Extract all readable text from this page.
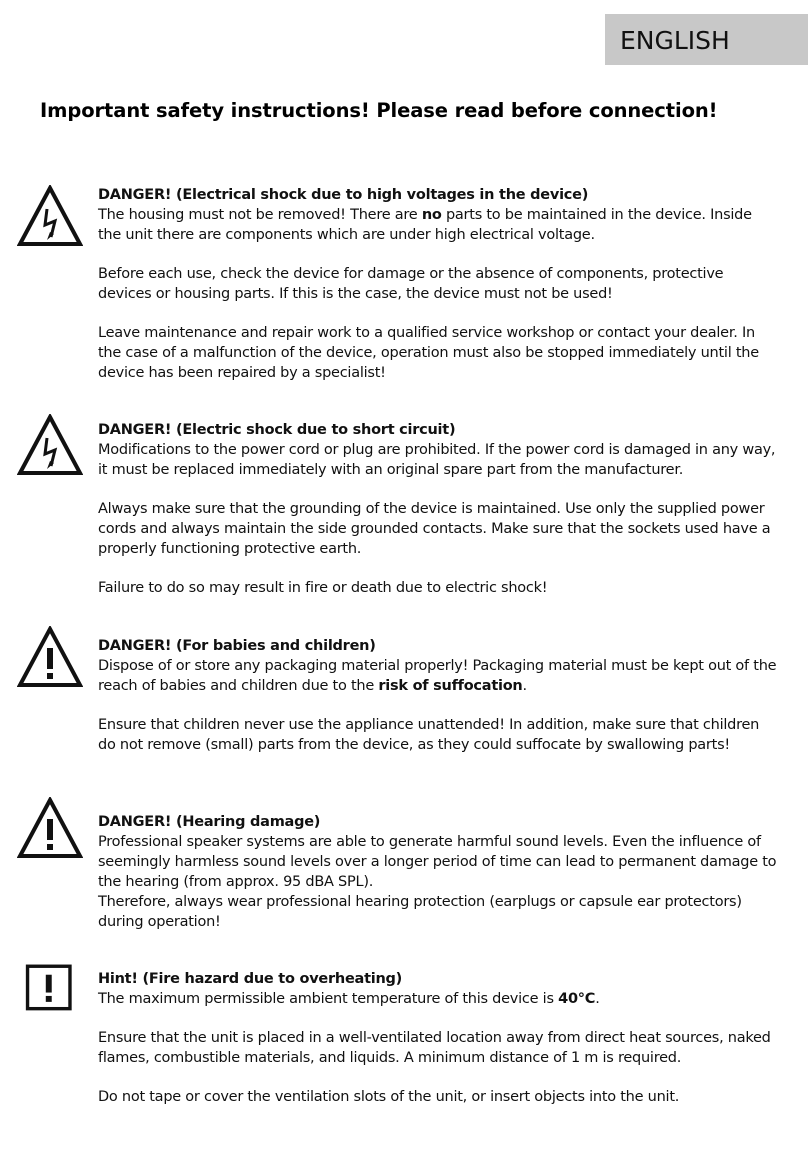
ENGLISH
Important safety instructions! Please read before connection!

DANGER! (Electrical shock due to high voltages in the device)

The housing must not be removed! There are no parts to be maintained in the device. Inside the unit there are components which are under high electrical voltage.

Before each use, check the device for damage or the absence of components, protective devices or housing parts. If this is the case, the device must not be used!

Leave maintenance and repair work to a qualified service workshop or contact your dealer. In the case of a malfunction of the device, operation must also be stopped immediately until the device has been repaired by a specialist!

DANGER! (Electric shock due to short circuit)

Modifications to the power cord or plug are prohibited. If the power cord is damaged in any way, it must be replaced immediately with an original spare part from the manufacturer.

Always make sure that the grounding of the device is maintained. Use only the supplied power cords and always maintain the side grounded contacts. Make sure that the sockets used have a properly functioning protective earth.

Failure to do so may result in fire or death due to electric shock!

DANGER! (For babies and children)

Dispose of or store any packaging material properly! Packaging material must be kept out of the reach of babies and children due to the risk of suffocation.

Ensure that children never use the appliance unattended! In addition, make sure that children do not remove (small) parts from the device, as they could suffocate by swallowing parts!

DANGER! (Hearing damage)

Professional speaker systems are able to generate harmful sound levels. Even the influence of seemingly harmless sound levels over a longer period of time can lead to permanent damage to the hearing (from approx. 95 dBA SPL).

Therefore, always wear professional hearing protection (earplugs or capsule ear protectors) during operation!

Hint! (Fire hazard due to overheating)

The maximum permissible ambient temperature of this device is 40°C.

Ensure that the unit is placed in a well-ventilated location away from direct heat sources, naked flames, combustible materials, and liquids. A minimum distance of 1 m is required.

Do not tape or cover the ventilation slots of the unit, or insert objects into the unit.
